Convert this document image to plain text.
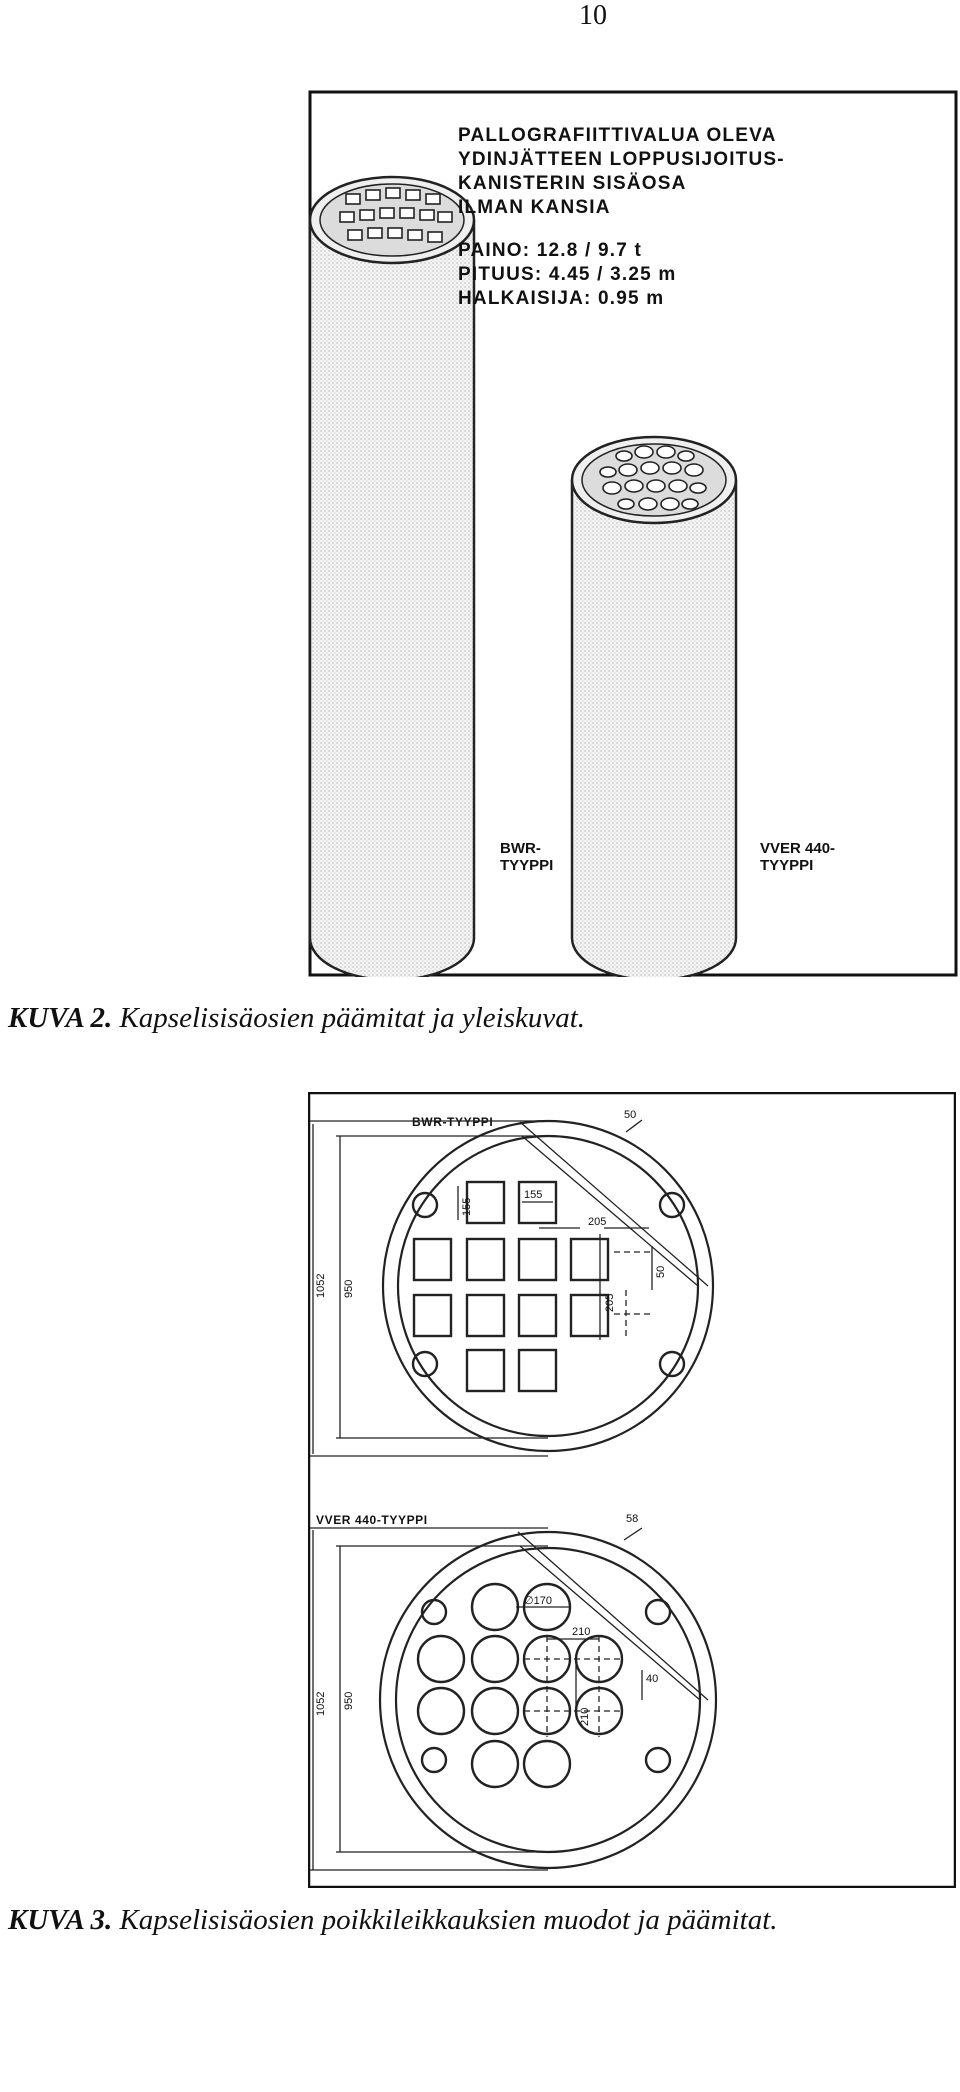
10
PALLOGRAFIITTIVALUA OLEVA
YDINJÄTTEEN LOPPUSIJOITUS-
KANISTERIN SISÄOSA
ILMAN KANSIA
PAINO: 12.8 / 9.7 t
PITUUS: 4.45 / 3.25 m
HALKAISIJA: 0.95 m
BWR-
TYYPPI
VVER 440-
TYYPPI
KUVA 2. Kapselisisäosien päämitat ja yleiskuvat.
BWR-TYYPPI
1052 950
50
155
155
205
205
50
VVER 440-TYYPPI
1052 950
58
∅170
210
210
40
KUVA 3. Kapselisisäosien poikkileikkauksien muodot ja päämitat.
